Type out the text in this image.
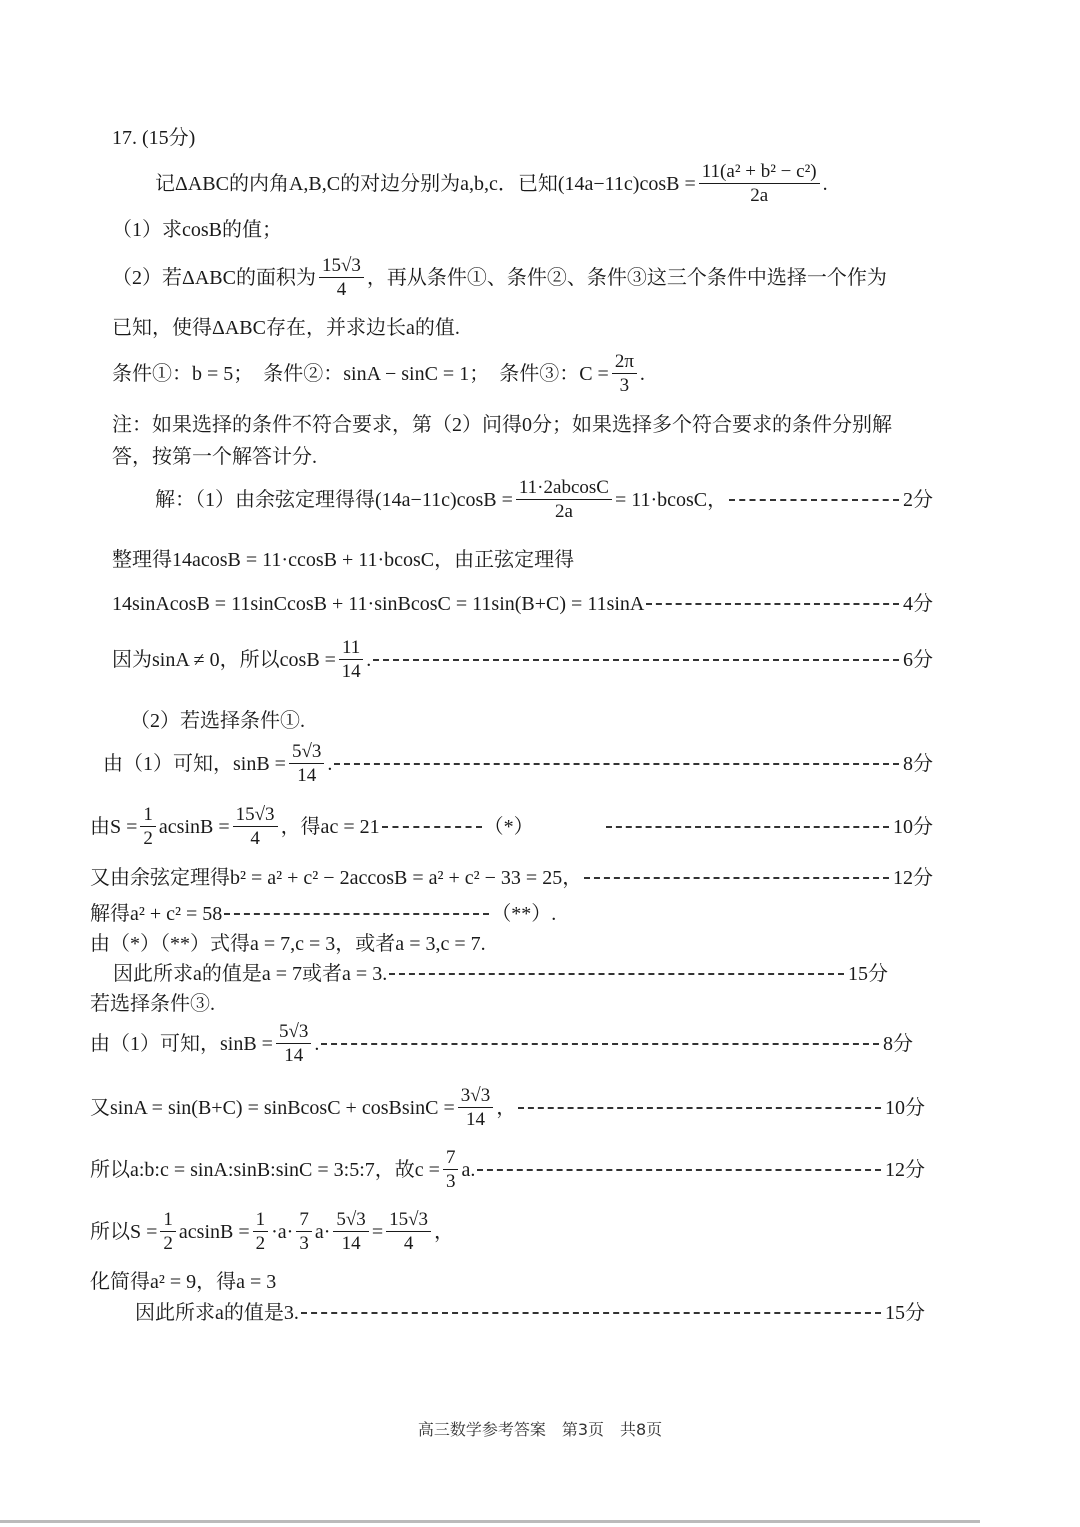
17. (15分)
记ΔABC的内角A,B,C的对边分别为a,b,c．已知$(14a-11c)\cos B = \frac{\text{11(a² + b² − c²)}}{2a}$ .
（1）求cosB的值；
（2）若ΔABC的面积为 $\frac{15√3}{4}$ ，再从条件①、条件②、条件③这三个条件中选择一个作为
已知，使得ΔABC存在，并求边长a的值.
条件①：b = 5；　条件②：sinA − sinC = 1；　条件③：$C = \frac{2\pi}{3}$ .
注：如果选择的条件不符合要求，第（2）问得0分；如果选择多个符合要求的条件分别解
答，按第一个解答计分.
解：（1）由余弦定理得得$(14a-11c)\cos B = \frac{11\cdot 2abcosC}{2a} = 11\cdot bcosC$，	2分
整理得14acosB = 11·ccosB + 11·bcosC，由正弦定理得
14sinAcosB = 11sinCcosB + 11·sinBcosC = 11sin(B+C) = 11sinA	4分
因为sinA ≠ 0，所以$\cos B = \frac{11}{14}$ .	6分
（2）若选择条件①.
由（1）可知，$\sin B = \frac{5√3}{14}$ .	8分
由$S = \frac{1}{2}$ $acsinB = \frac{15√3}{4}$ ，得ac = 21	（*）	10分
又由余弦定理得b² = a² + c² − 2accosB = a² + c² − 33 = 25，	12分
解得a² + c² = 58	（**）.
由（*）（**）式得a = 7,c = 3，或者a = 3,c = 7.
因此所求a的值是a = 7或者a = 3.	15分
若选择条件③.
由（1）可知，$\sin B = \frac{5√3}{14}$ .	8分
又sinA = sin(B+C) = sinBcosC + cosBsinC = $\frac{3√3}{14}$ ，	10分
所以a:b:c = sinA:sinB:sinC = 3:5:7，故$c = \frac{7}{3} a$.	12分
所以$S = \frac{1}{2}$ $acsinB = \frac{1}{2} \cdot a\cdot \frac{7}{3} a\cdot \frac{5√3}{14} = \frac{15√3}{4}$ ，
化简得a² = 9，得a = 3
因此所求a的值是3.	15分
高三数学参考答案　第3页　共8页
